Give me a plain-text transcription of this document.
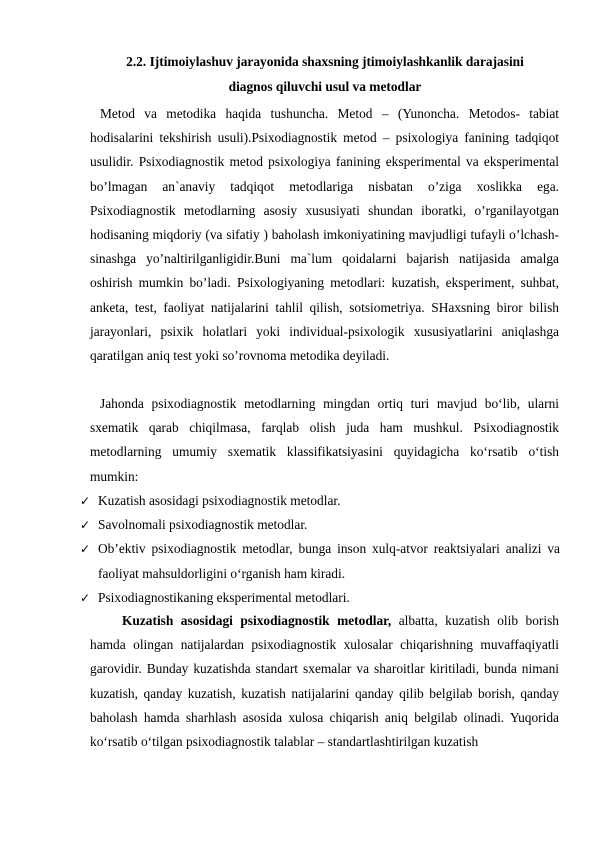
2.2. Ijtimoiylashuv jarayonida shaxsning jtimoiylashkanlik darajasini
diagnos qiluvchi usul va metodlar
Metod va metodika haqida tushuncha. Metod – (Yunoncha. Metodos- tabiat hodisalarini tekshirish usuli).Psixodiagnostik metod – psixologiya fanining tadqiqot usulidir. Psixodiagnostik metod psixologiya fanining eksperimental va eksperimental bo’lmagan an`anaviy tadqiqot metodlariga nisbatan o’ziga xoslikka ega. Psixodiagnostik metodlarning asosiy xususiyati shundan iboratki, o’rganilayotgan hodisaning miqdoriy (va sifatiy ) baholash imkoniyatining mavjudligi tufayli o’lchash-sinashga yo’naltirilganligidir.Buni ma`lum qoidalarni bajarish natijasida amalga oshirish mumkin bo’ladi. Psixologiyaning metodlari: kuzatish, eksperiment, suhbat, anketa, test, faoliyat natijalarini tahlil qilish, sotsiometriya. SHaxsning biror bilish jarayonlari, psixik holatlari yoki individual-psixologik xususiyatlarini aniqlashga qaratilgan aniq test yoki so’rovnoma metodika deyiladi.
Jahonda psixodiagnostik metodlarning mingdan ortiq turi mavjud bo‘lib, ularni sxematik qarab chiqilmasa, farqlab olish juda ham mushkul. Psixodiagnostik metodlarning umumiy sxematik klassifikatsiyasini quyidagicha ko‘rsatib o‘tish mumkin:
✓ Kuzatish asosidagi psixodiagnostik metodlar.
✓ Savolnomali psixodiagnostik metodlar.
✓ Ob’ektiv psixodiagnostik metodlar, bunga inson xulq-atvor reaktsiyalari analizi va faoliyat mahsuldorligini o‘rganish ham kiradi.
✓ Psixodiagnostikaning eksperimental metodlari.
Kuzatish asosidagi psixodiagnostik metodlar, albatta, kuzatish olib borish hamda olingan natijalardan psixodiagnostik xulosalar chiqarishning muvaffaqiyatli garovidir. Bunday kuzatishda standart sxemalar va sharoitlar kiritiladi, bunda nimani kuzatish, qanday kuzatish, kuzatish natijalarini qanday qilib belgilab borish, qanday baholash hamda sharhlash asosida xulosa chiqarish aniq belgilab olinadi. Yuqorida ko‘rsatib o‘tilgan psixodiagnostik talablar – standartlashtirilgan kuzatish
